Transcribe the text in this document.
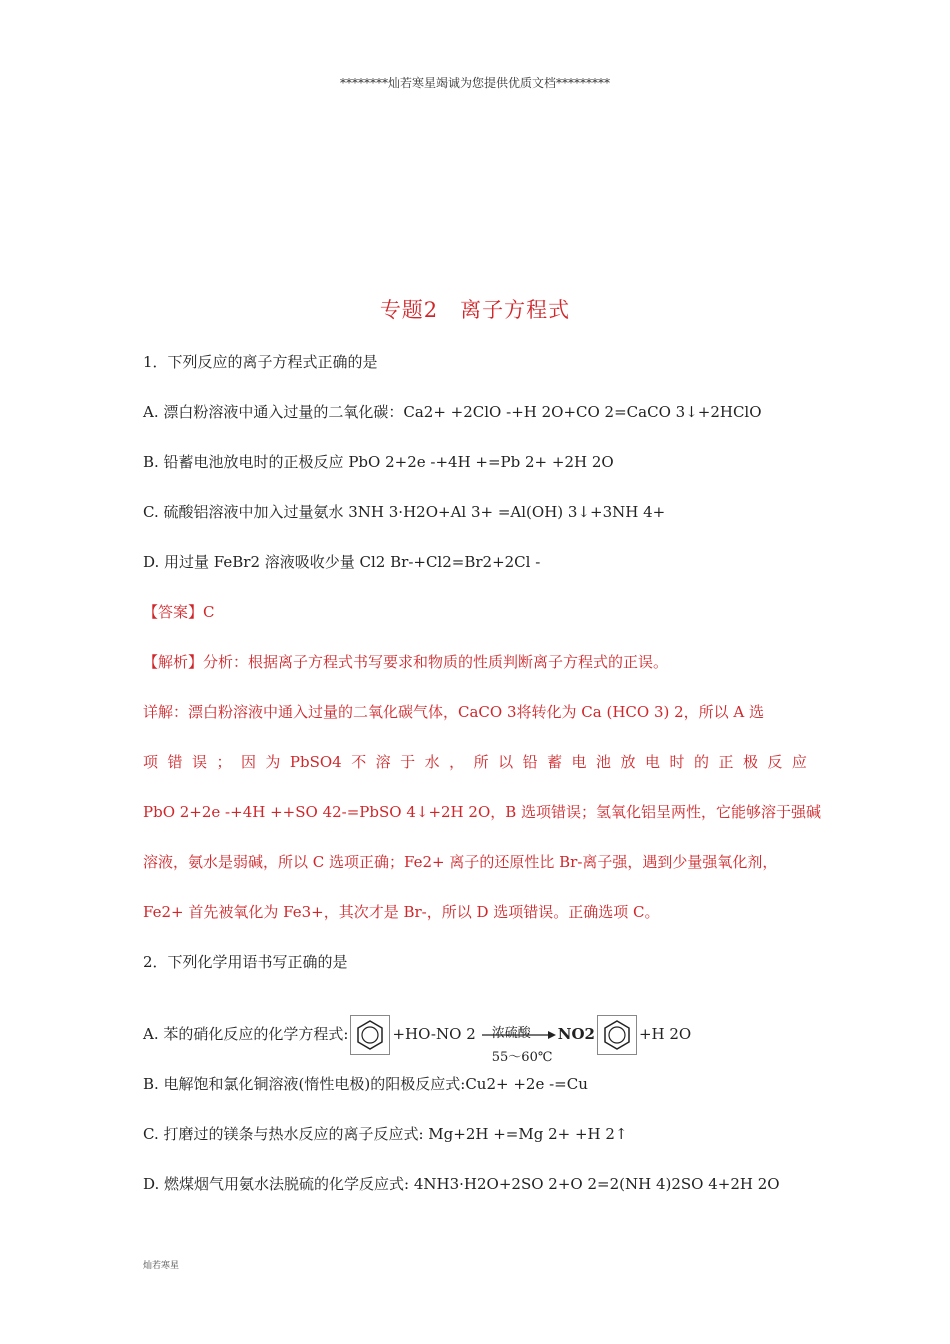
********灿若寒星竭诚为您提供优质文档*********
专题2　离子方程式
1．下列反应的离子方程式正确的是
A. 漂白粉溶液中通入过量的二氧化碳：Ca2+ +2ClO -+H 2O+CO 2=CaCO 3↓+2HClO
B. 铅蓄电池放电时的正极反应 PbO 2+2e -+4H +=Pb 2+ +2H 2O
C. 硫酸铝溶液中加入过量氨水 3NH 3·H2O+Al 3+ =Al(OH) 3↓+3NH 4+
D. 用过量 FeBr2 溶液吸收少量 Cl2 Br-+Cl2=Br2+2Cl -
【答案】C
【解析】分析：根据离子方程式书写要求和物质的性质判断离子方程式的正误。
详解：漂白粉溶液中通入过量的二氧化碳气体，CaCO 3将转化为 Ca (HCO 3) 2，所以 A 选
项 错 误 ； 因 为 PbSO4 不 溶 于 水 ， 所 以 铅 蓄 电 池 放 电 时 的 正 极 反 应
PbO 2+2e -+4H ++SO 42-=PbSO 4↓+2H 2O，B 选项错误；氢氧化铝呈两性，它能够溶于强碱
溶液，氨水是弱碱，所以 C 选项正确；Fe2+ 离子的还原性比 Br-离子强，遇到少量强氧化剂，
Fe2+ 首先被氧化为 Fe3+，其次才是 Br-，所以 D 选项错误。正确选项 C。
2．下列化学用语书写正确的是
A. 苯的硝化反应的化学方程式:	+HO-NO 2 浓硫酸
55～60℃
NO2	+H 2O
B. 电解饱和氯化铜溶液(惰性电极)的阳极反应式:Cu2+ +2e -=Cu
C. 打磨过的镁条与热水反应的离子反应式: Mg+2H +=Mg 2+ +H 2↑
D. 燃煤烟气用氨水法脱硫的化学反应式: 4NH3·H2O+2SO 2+O 2=2(NH 4)2SO 4+2H 2O
灿若寒星
